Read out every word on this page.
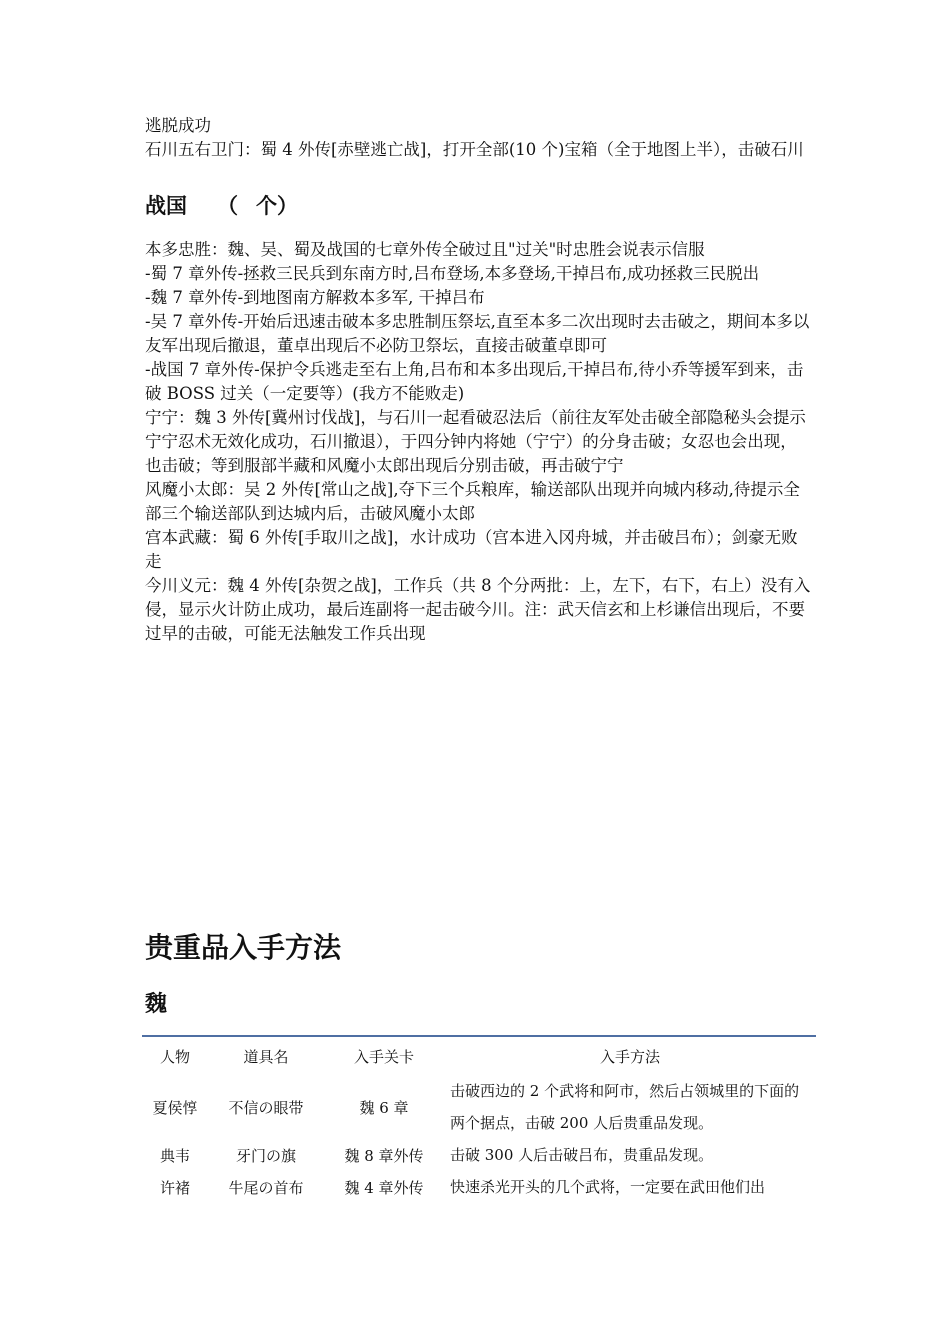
逃脱成功

石川五右卫门：蜀 4 外传[赤壁逃亡战]，打开全部(10 个)宝箱（全于地图上半），击破石川

战国 （ 个）

本多忠胜：魏、吴、蜀及战国的七章外传全破过且"过关"时忠胜会说表示信服

-蜀 7 章外传-拯救三民兵到东南方时,吕布登场,本多登场,干掉吕布,成功拯救三民脱出

-魏 7 章外传-到地图南方解救本多军, 干掉吕布

-吴 7 章外传-开始后迅速击破本多忠胜制压祭坛,直至本多二次出现时去击破之，期间本多以友军出现后撤退，董卓出现后不必防卫祭坛，直接击破董卓即可

-战国 7 章外传-保护令兵逃走至右上角,吕布和本多出现后,干掉吕布,待小乔等援军到来，击破 BOSS 过关（一定要等）(我方不能败走)

宁宁：魏 3 外传[冀州讨伐战]，与石川一起看破忍法后（前往友军处击破全部隐秘头会提示宁宁忍术无效化成功，石川撤退），于四分钟内将她（宁宁）的分身击破；女忍也会出现，也击破；等到服部半藏和风魔小太郎出现后分别击破，再击破宁宁

风魔小太郎：吴 2 外传[常山之战],夺下三个兵粮库，输送部队出现并向城内移动,待提示全部三个输送部队到达城内后，击破风魔小太郎

宫本武藏：蜀 6 外传[手取川之战]，水计成功（宫本进入冈舟城，并击破吕布）；剑豪无败走

今川义元：魏 4 外传[杂贺之战]，工作兵（共 8 个分两批：上，左下，右下，右上）没有入侵，显示火计防止成功，最后连副将一起击破今川。注：武天信玄和上杉谦信出现后，不要过早的击破，可能无法触发工作兵出现

贵重品入手方法
魏
人物	道具名	入手关卡	入手方法
夏侯惇	不信の眼带	魏 6 章	击破西边的 2 个武将和阿市，然后占领城里的下面的两个据点，击破 200 人后贵重品发现。
典韦	牙门の旗	魏 8 章外传	击破 300 人后击破吕布，贵重品发现。
许褚	牛尾の首布	魏 4 章外传	快速杀光开头的几个武将，一定要在武田他们出
